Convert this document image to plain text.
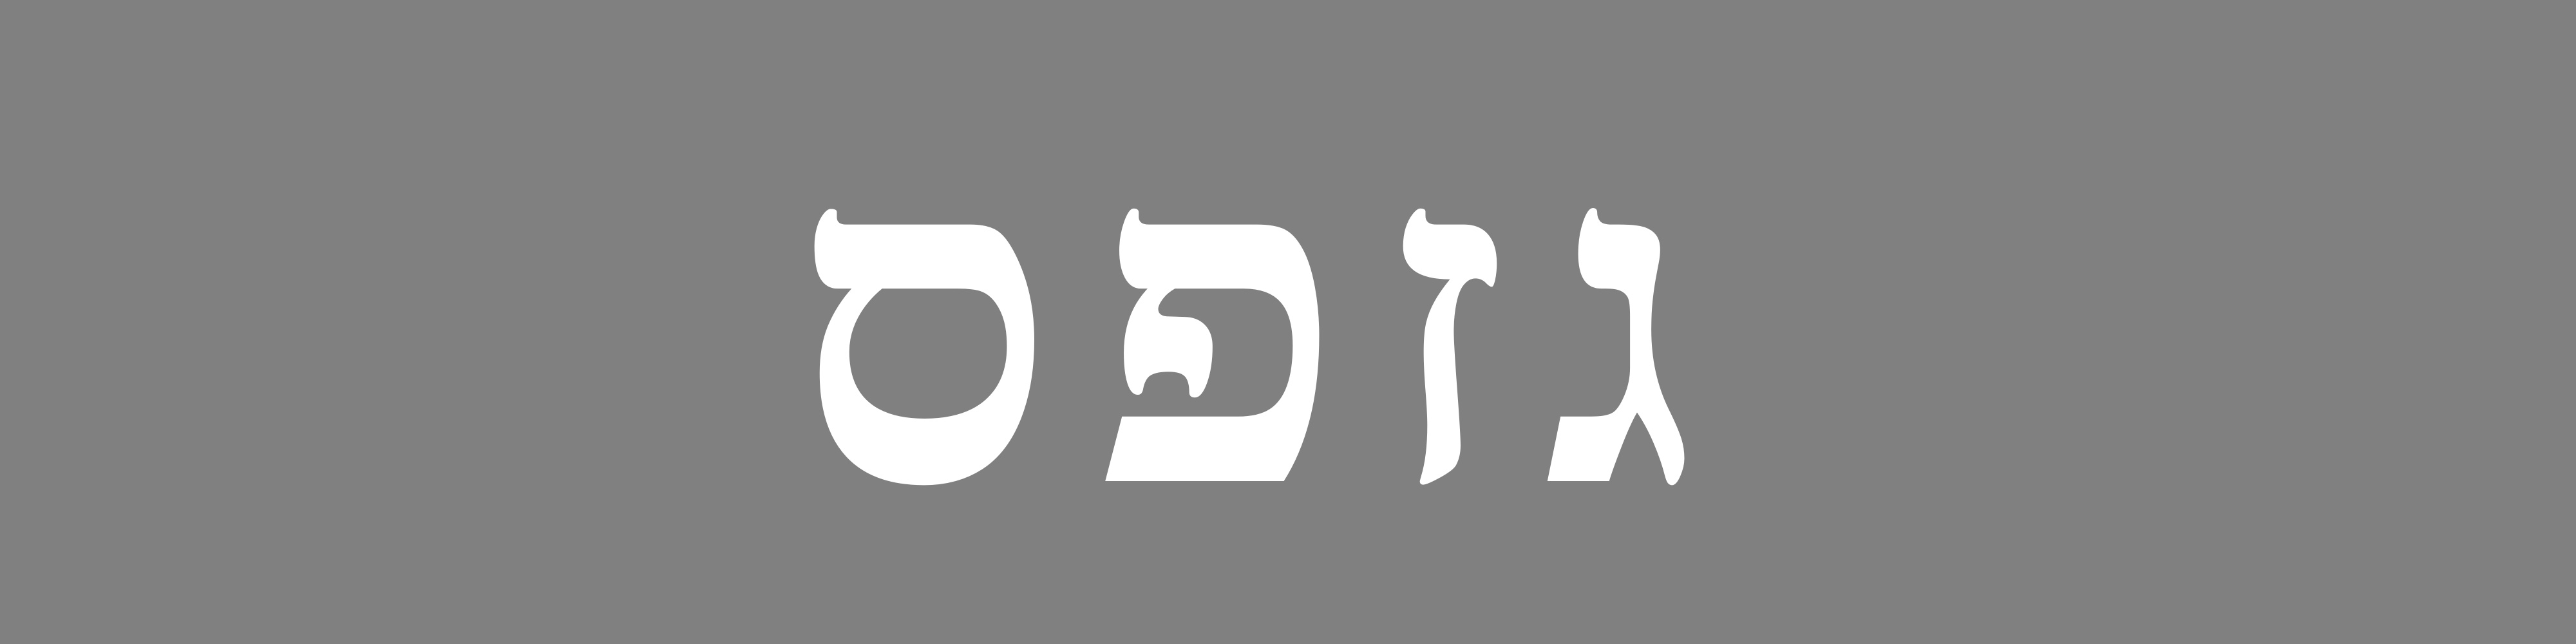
גזפס
